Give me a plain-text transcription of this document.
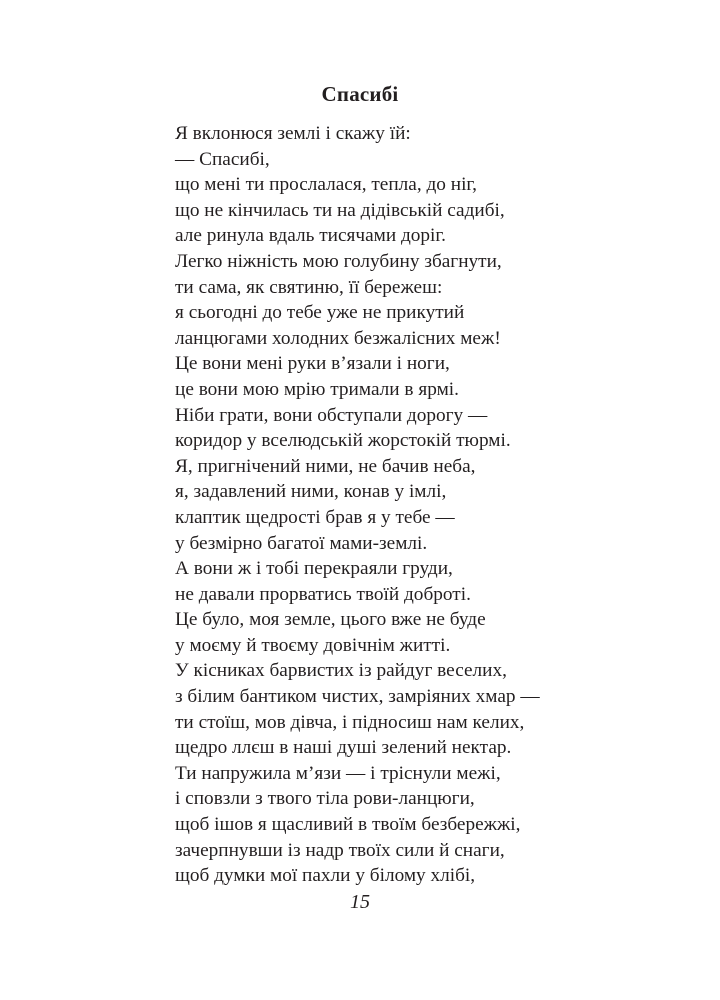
Спасибі
Я вклонюся землі і скажу їй:
— Спасибі,
що мені ти прослалася, тепла, до ніг,
що не кінчилась ти на дідівській садибі,
але ринула вдаль тисячами доріг.
Легко ніжність мою голубину збагнути,
ти сама, як святиню, її бережеш:
я сьогодні до тебе уже не прикутий
ланцюгами холодних безжалісних меж!
Це вони мені руки в’язали і ноги,
це вони мою мрію тримали в ярмі.
Ніби грати, вони обступали дорогу —
коридор у вселюдській жорстокій тюрмі.
Я, пригнічений ними, не бачив неба,
я, задавлений ними, конав у імлі,
клаптик щедрості брав я у тебе —
у безмірно багатої мами-землі.
А вони ж і тобі перекраяли груди,
не давали прорватись твоїй доброті.
Це було, моя земле, цього вже не буде
у моєму й твоєму довічнім житті.
У кісниках барвистих із райдуг веселих,
з білим бантиком чистих, замріяних хмар —
ти стоїш, мов дівча, і підносиш нам келих,
щедро ллєш в наші душі зелений нектар.
Ти напружила м’язи — і тріснули межі,
і сповзли з твого тіла рови-ланцюги,
щоб ішов я щасливий в твоїм безбережжі,
зачерпнувши із надр твоїх сили й снаги,
щоб думки мої пахли у білому хлібі,
15
